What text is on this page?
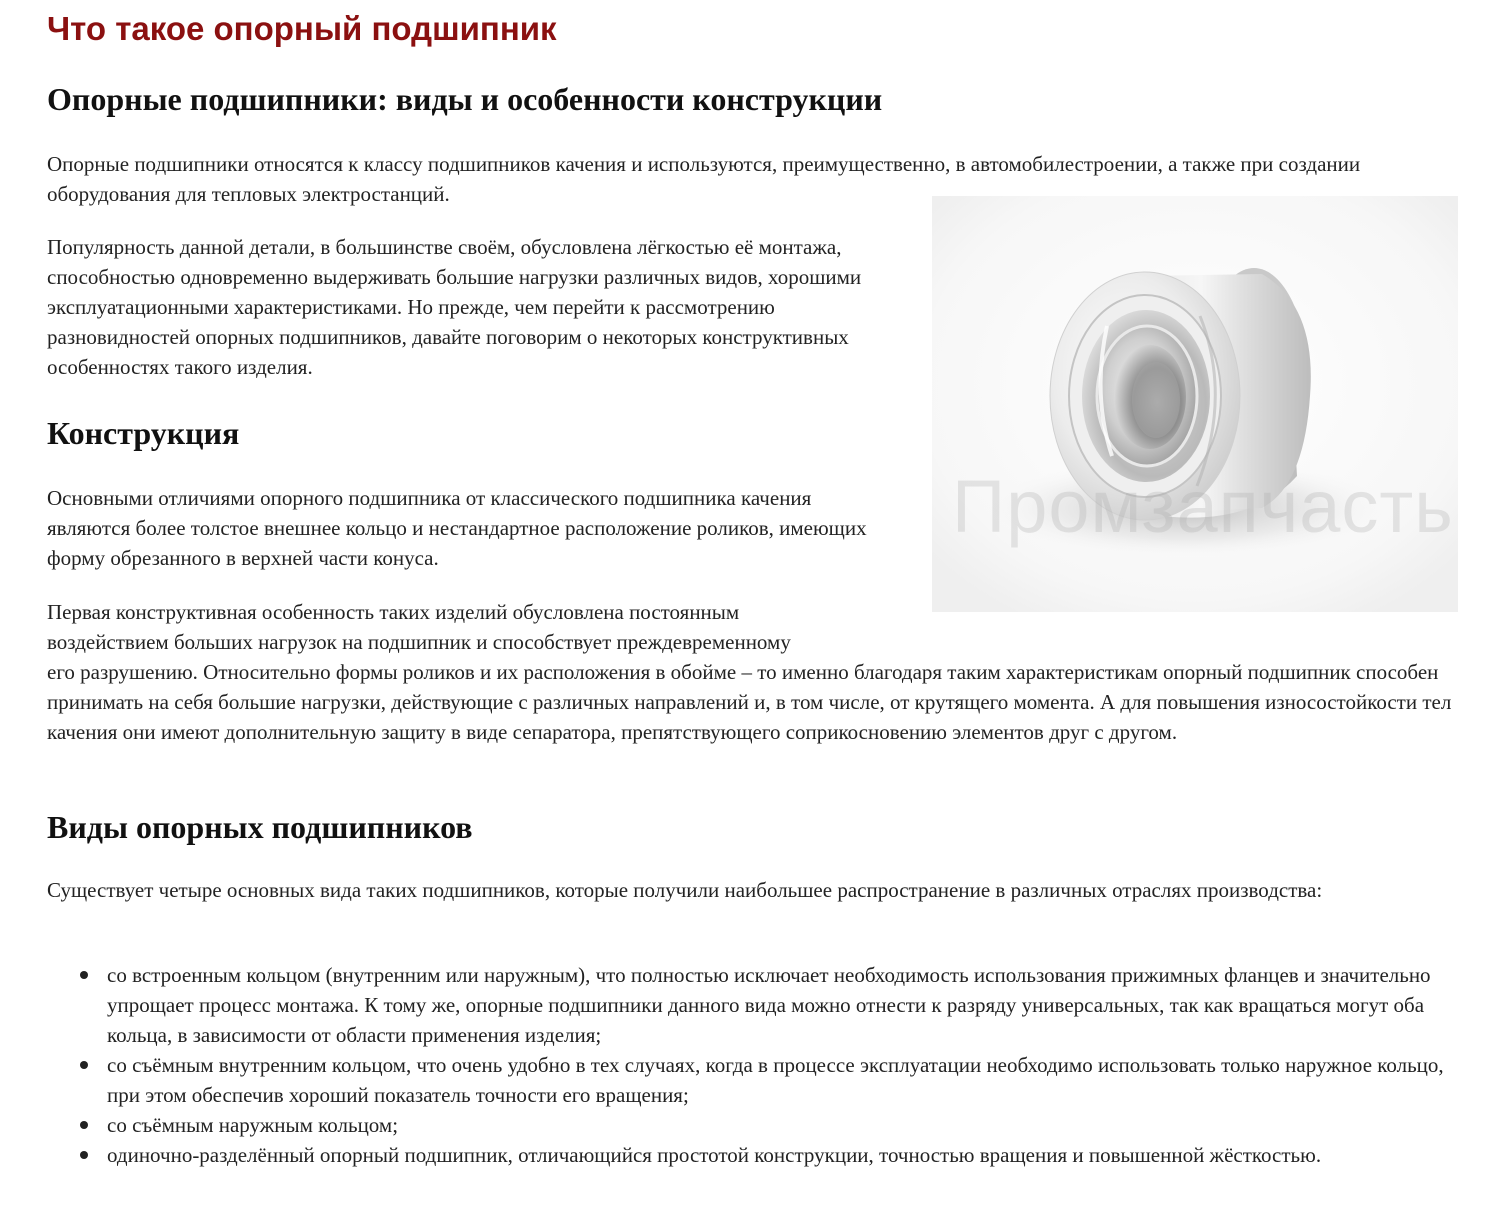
Что такое опорный подшипник
Опорные подшипники: виды и особенности конструкции

Опорные подшипники относятся к классу подшипников качения и используются, преимущественно, в автомобилестроении, а также при создании оборудования для тепловых электростанций.

Популярность данной детали, в большинстве своём, обусловлена лёгкостью её монтажа, способностью одновременно выдерживать большие нагрузки различных видов, хорошими эксплуатационными характеристиками. Но прежде, чем перейти к рассмотрению разновидностей опорных подшипников, давайте поговорим о некоторых конструктивных особенностях такого изделия.

Конструкция

Основными отличиями опорного подшипника от классического подшипника качения являются более толстое внешнее кольцо и нестандартное расположение роликов, имеющих форму обрезанного в верхней части конуса.

Первая конструктивная особенность таких изделий обусловлена постоянным

воздействием больших нагрузок на подшипник и способствует преждевременному

его разрушению. Относительно формы роликов и их расположения в обойме – то именно благодаря таким характеристикам опорный подшипник способен принимать на себя большие нагрузки, действующие с различных направлений и, в том числе, от крутящего момента. А для повышения износостойкости тел качения они имеют дополнительную защиту в виде сепаратора, препятствующего соприкосновению элементов друг с другом.

Виды опорных подшипников

Существует четыре основных вида таких подшипников, которые получили наибольшее распространение в различных отраслях производства:

со встроенным кольцом (внутренним или наружным), что полностью исключает необходимость использования прижимных фланцев и значительно упрощает процесс монтажа. К тому же, опорные подшипники данного вида можно отнести к разряду универсальных, так как вращаться могут оба кольца, в зависимости от области применения изделия;
со съёмным внутренним кольцом, что очень удобно в тех случаях, когда в процессе эксплуатации необходимо использовать только наружное кольцо, при этом обеспечив хороший показатель точности его вращения;
со съёмным наружным кольцом;
одиночно-разделённый опорный подшипник, отличающийся простотой конструкции, точностью вращения и повышенной жёсткостью.
Промзапчасть
